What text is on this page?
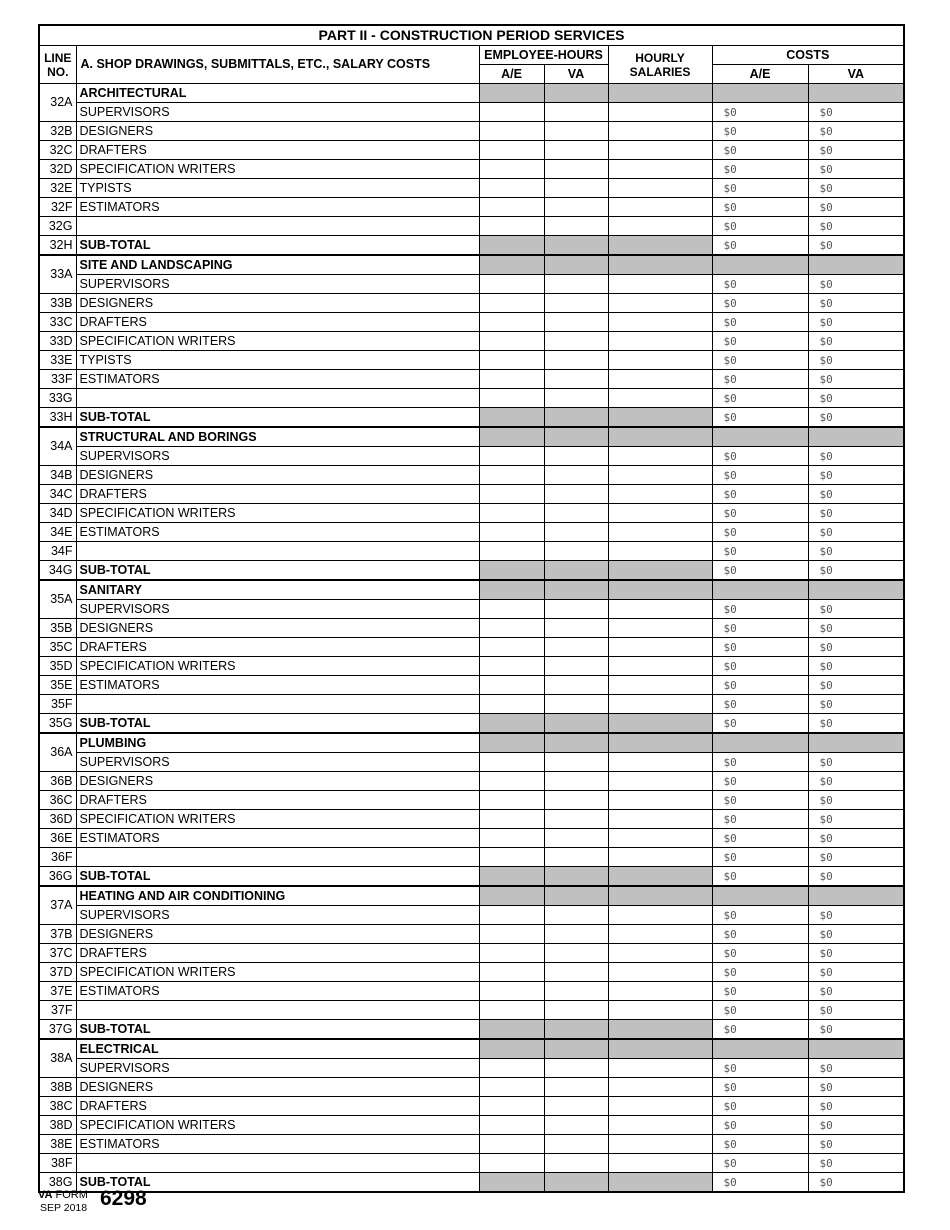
PART II - CONSTRUCTION PERIOD SERVICES						
LINE
NO.	A. SHOP DRAWINGS, SUBMITTALS, ETC., SALARY COSTS	EMPLOYEE-HOURS		HOURLY
SALARIES	COSTS	
		A/E	VA		A/E	VA
32A	ARCHITECTURAL					
	SUPERVISORS				$0	$0
32B	DESIGNERS				$0	$0
32C	DRAFTERS				$0	$0
32D	SPECIFICATION WRITERS				$0	$0
32E	TYPISTS				$0	$0
32F	ESTIMATORS				$0	$0
32G					$0	$0
32H	SUB-TOTAL				$0	$0
33A	SITE AND LANDSCAPING					
	SUPERVISORS				$0	$0
33B	DESIGNERS				$0	$0
33C	DRAFTERS				$0	$0
33D	SPECIFICATION WRITERS				$0	$0
33E	TYPISTS				$0	$0
33F	ESTIMATORS				$0	$0
33G					$0	$0
33H	SUB-TOTAL				$0	$0
34A	STRUCTURAL AND BORINGS					
	SUPERVISORS				$0	$0
34B	DESIGNERS				$0	$0
34C	DRAFTERS				$0	$0
34D	SPECIFICATION WRITERS				$0	$0
34E	ESTIMATORS				$0	$0
34F					$0	$0
34G	SUB-TOTAL				$0	$0
35A	SANITARY					
	SUPERVISORS				$0	$0
35B	DESIGNERS				$0	$0
35C	DRAFTERS				$0	$0
35D	SPECIFICATION WRITERS				$0	$0
35E	ESTIMATORS				$0	$0
35F					$0	$0
35G	SUB-TOTAL				$0	$0
36A	PLUMBING					
	SUPERVISORS				$0	$0
36B	DESIGNERS				$0	$0
36C	DRAFTERS				$0	$0
36D	SPECIFICATION WRITERS				$0	$0
36E	ESTIMATORS				$0	$0
36F					$0	$0
36G	SUB-TOTAL				$0	$0
37A	HEATING AND AIR CONDITIONING					
	SUPERVISORS				$0	$0
37B	DESIGNERS				$0	$0
37C	DRAFTERS				$0	$0
37D	SPECIFICATION WRITERS				$0	$0
37E	ESTIMATORS				$0	$0
37F					$0	$0
37G	SUB-TOTAL				$0	$0
38A	ELECTRICAL					
	SUPERVISORS				$0	$0
38B	DESIGNERS				$0	$0
38C	DRAFTERS				$0	$0
38D	SPECIFICATION WRITERS				$0	$0
38E	ESTIMATORS				$0	$0
38F					$0	$0
38G	SUB-TOTAL				$0	$0
VA FORM
SEP 2018 6298
